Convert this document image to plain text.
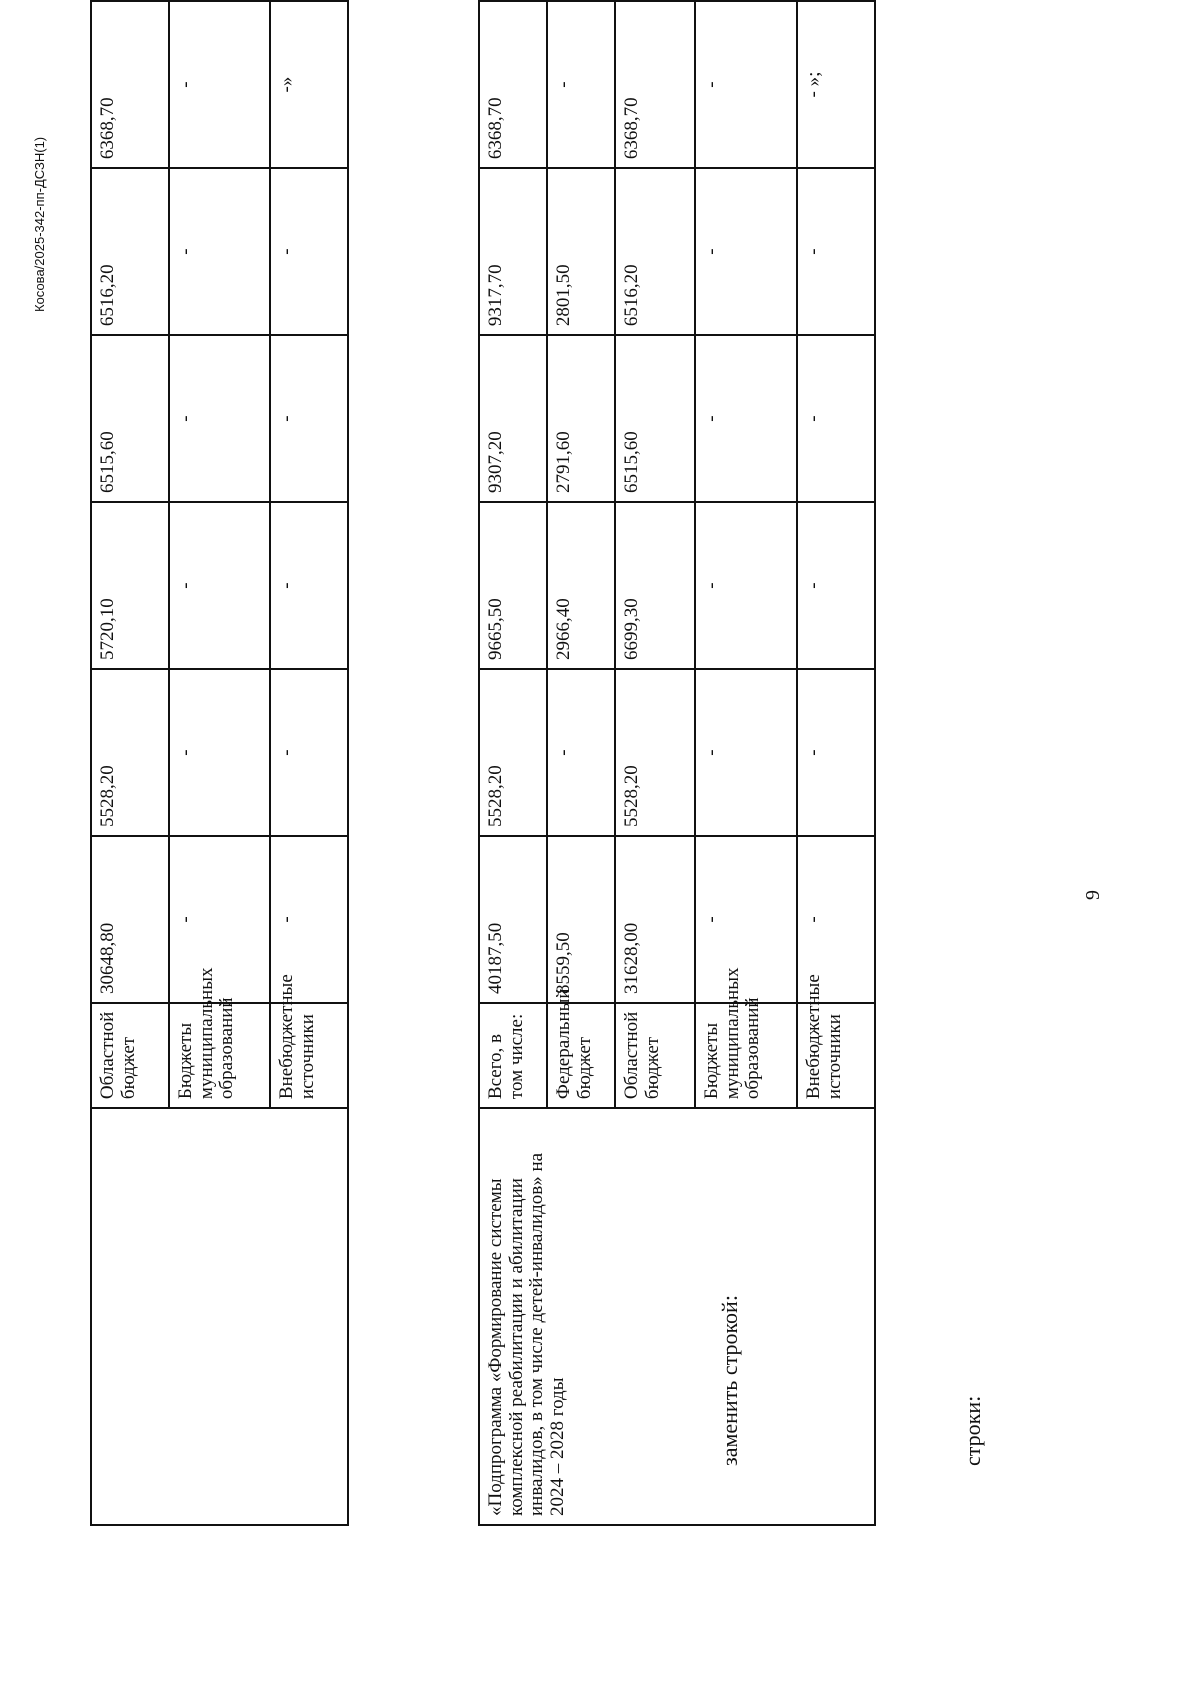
9
Косова/2025-342-пп-ДСЗН(1)
	Областной бюджет	30648,80	5528,20	5720,10	6515,60	6516,20	6368,70
	Бюджеты муниципальных образований	-	-	-	-	-	-
	Внебюджетные источники	-	-	-	-	-	-»
заменить строкой:
«Подпрограмма «Формирование системы комплексной реабилитации и абилитации инвалидов, в том числе детей-инвалидов» на 2024 – 2028 годы	Всего, в том числе:	40187,50	5528,20	9665,50	9307,20	9317,70	6368,70
	Федеральный бюджет	8559,50	-	2966,40	2791,60	2801,50	-
	Областной бюджет	31628,00	5528,20	6699,30	6515,60	6516,20	6368,70
	Бюджеты муниципальных образований	-	-	-	-	-	-
	Внебюджетные источники	-	-	-	-	-	- »;
строки:
